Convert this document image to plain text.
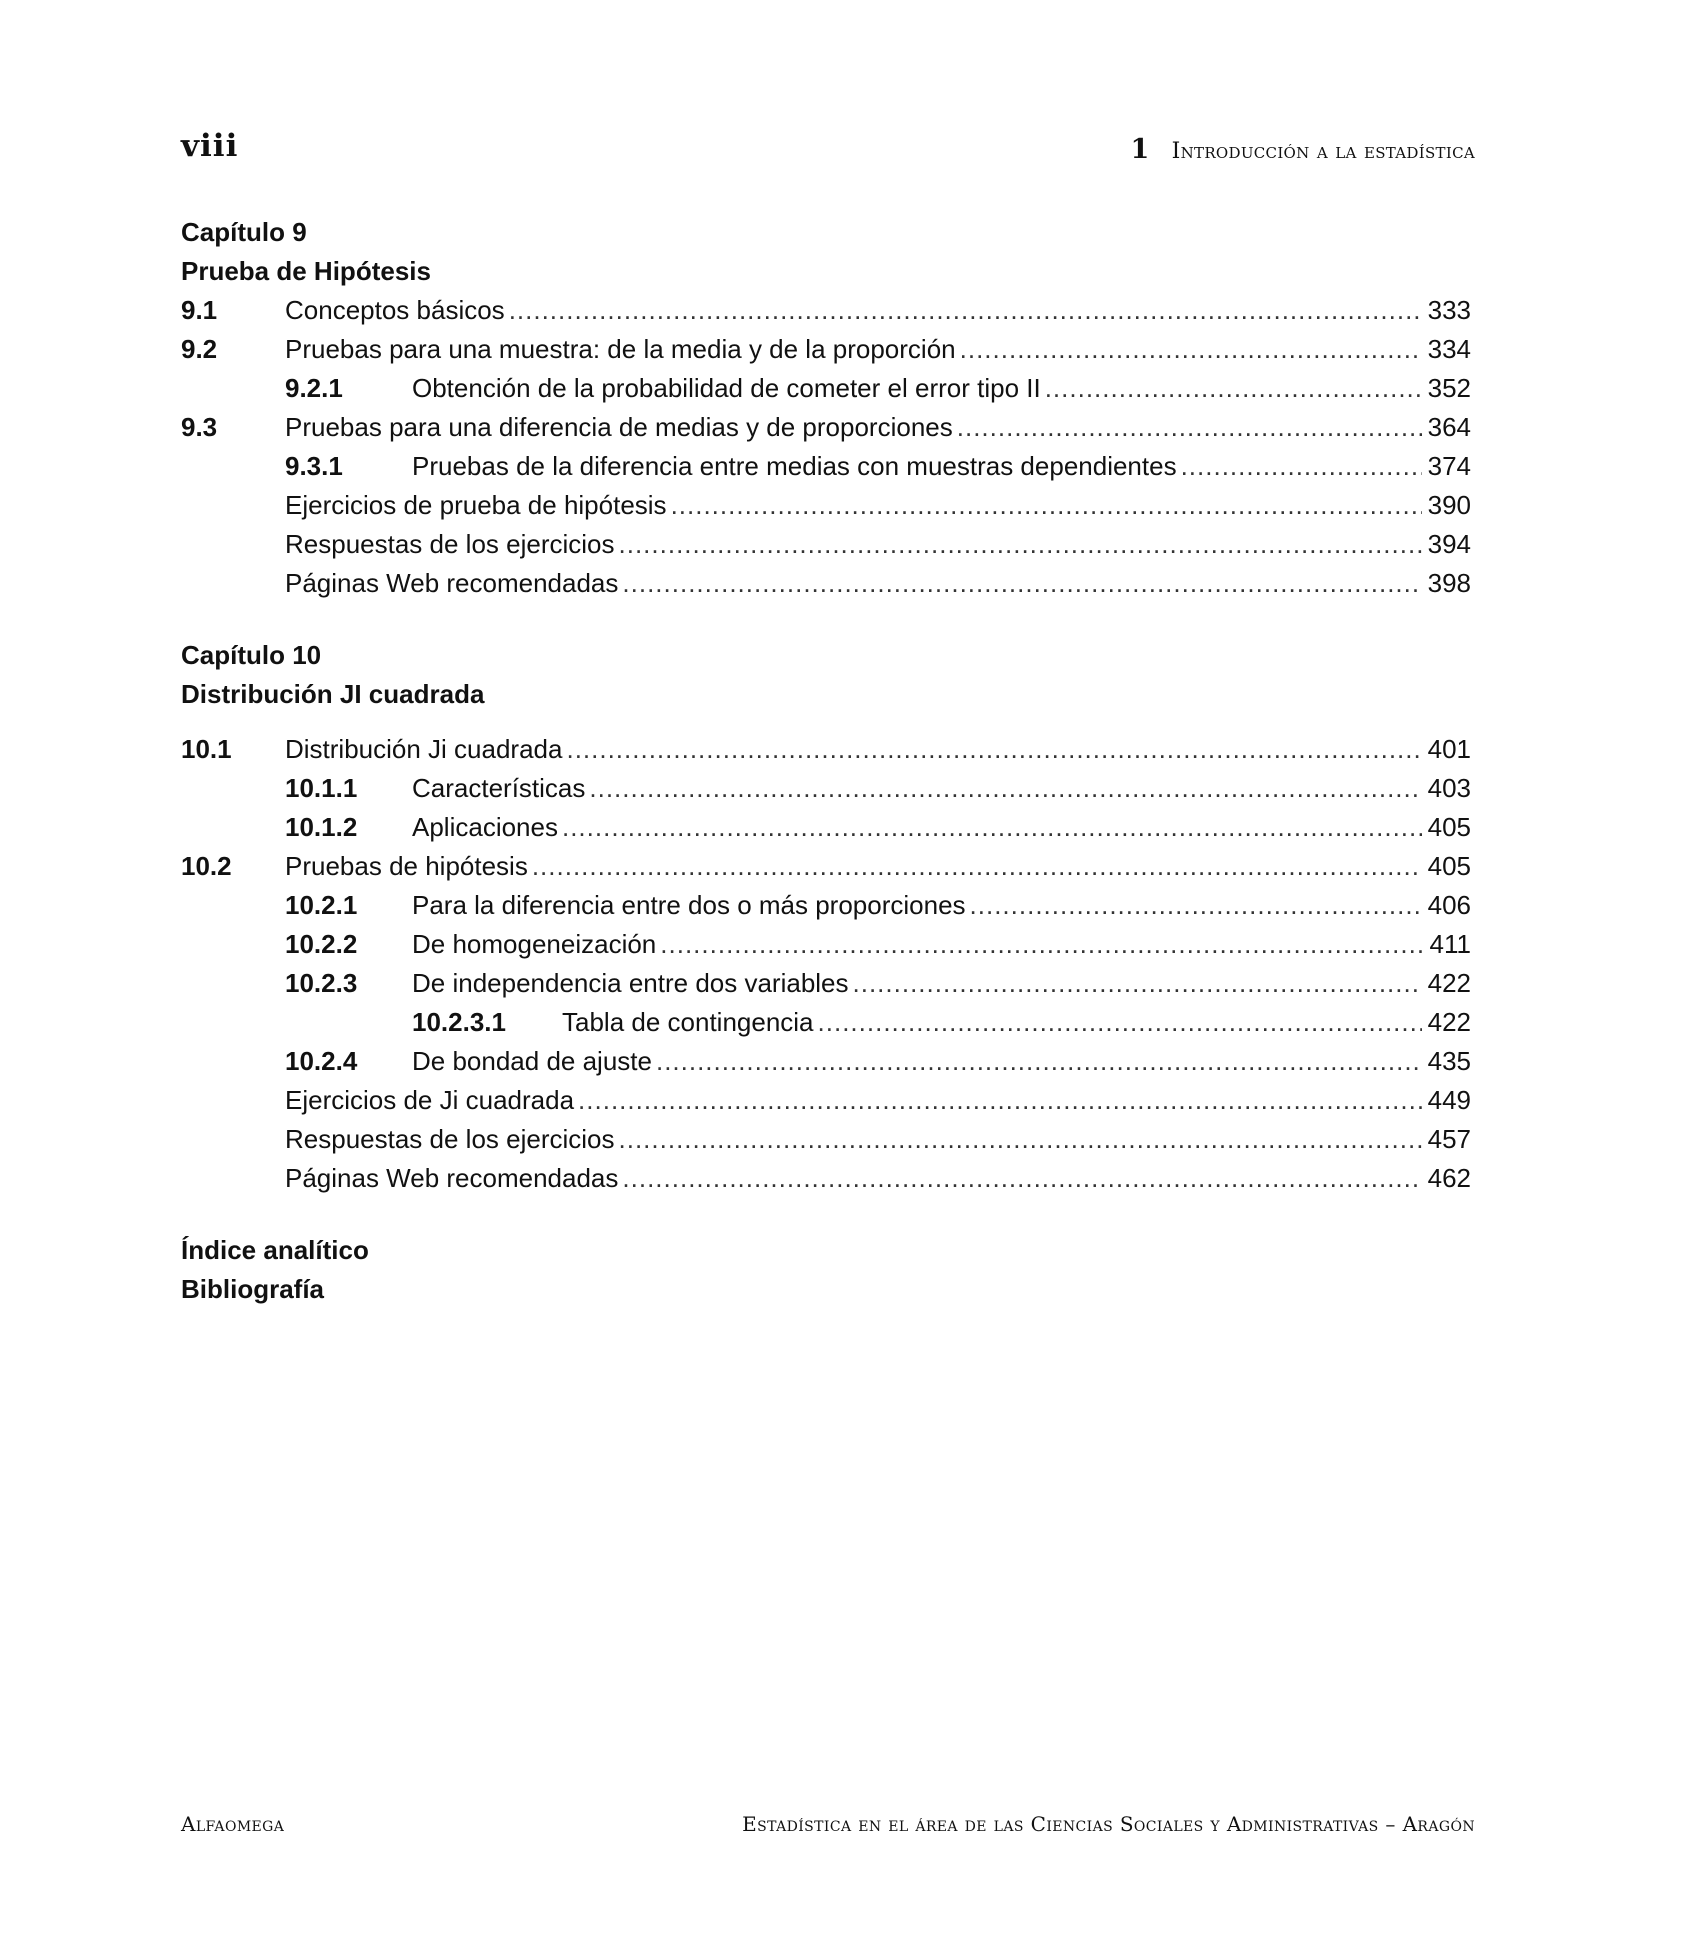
viii	1 Introducción a la estadística
Capítulo 9
Prueba de Hipótesis
9.1	Conceptos básicos .....	333
9.2	Pruebas para una muestra: de la media y de la proporción .....	334
9.2.1	Obtención de la probabilidad de cometer el error tipo II .....	352
9.3	Pruebas para una diferencia de medias y de proporciones .....	364
9.3.1	Pruebas de la diferencia entre medias con muestras dependientes .....	374
Ejercicios de prueba de hipótesis .....	390
Respuestas de los ejercicios .....	394
Páginas Web recomendadas .....	398
Capítulo 10
Distribución JI cuadrada
10.1 Distribución Ji cuadrada .....	401
10.1.1 Características .....	403
10.1.2 Aplicaciones .....	405
10.2 Pruebas de hipótesis .....	405
10.2.1 Para la diferencia entre dos o más proporciones .....	406
10.2.2 De homogeneización .....	411
10.2.3 De independencia entre dos variables .....	422
10.2.3.1 Tabla de contingencia .....	422
10.2.4 De bondad de ajuste .....	435
Ejercicios de Ji cuadrada .....	449
Respuestas de los ejercicios .....	457
Páginas Web recomendadas .....	462
Índice analítico
Bibliografía
Alfaomega	Estadística en el área de las Ciencias Sociales y Administrativas – Aragón
